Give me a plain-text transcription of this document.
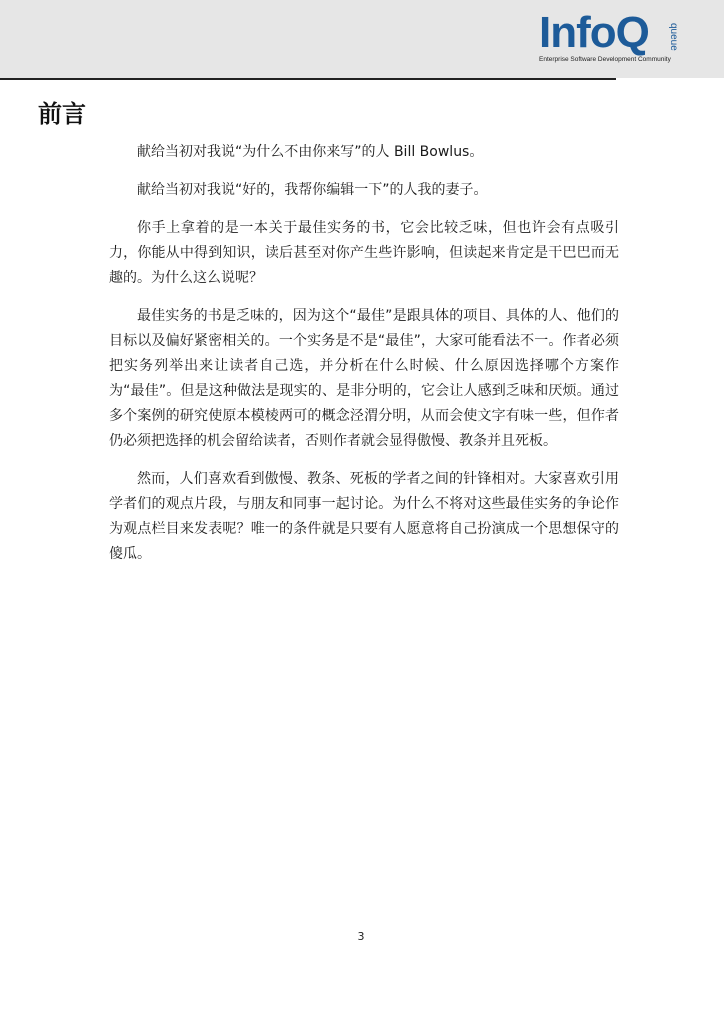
InfoQ queue
Enterprise Software Development Community
前言

献给当初对我说“为什么不由你来写”的人 Bill Bowlus。

献给当初对我说“好的，我帮你编辑一下”的人我的妻子。

你手上拿着的是一本关于最佳实务的书，它会比较乏味，但也许会有点吸引力，你能从中得到知识，读后甚至对你产生些许影响，但读起来肯定是干巴巴而无趣的。为什么这么说呢？

最佳实务的书是乏味的，因为这个“最佳”是跟具体的项目、具体的人、他们的目标以及偏好紧密相关的。一个实务是不是“最佳”，大家可能看法不一。作者必须把实务列举出来让读者自己选，并分析在什么时候、什么原因选择哪个方案作为“最佳”。但是这种做法是现实的、是非分明的，它会让人感到乏味和厌烦。通过多个案例的研究使原本模棱两可的概念泾渭分明，从而会使文字有味一些，但作者仍必须把选择的机会留给读者，否则作者就会显得傲慢、教条并且死板。

然而，人们喜欢看到傲慢、教条、死板的学者之间的针锋相对。大家喜欢引用学者们的观点片段，与朋友和同事一起讨论。为什么不将对这些最佳实务的争论作为观点栏目来发表呢？唯一的条件就是只要有人愿意将自己扮演成一个思想保守的傻瓜。

3
